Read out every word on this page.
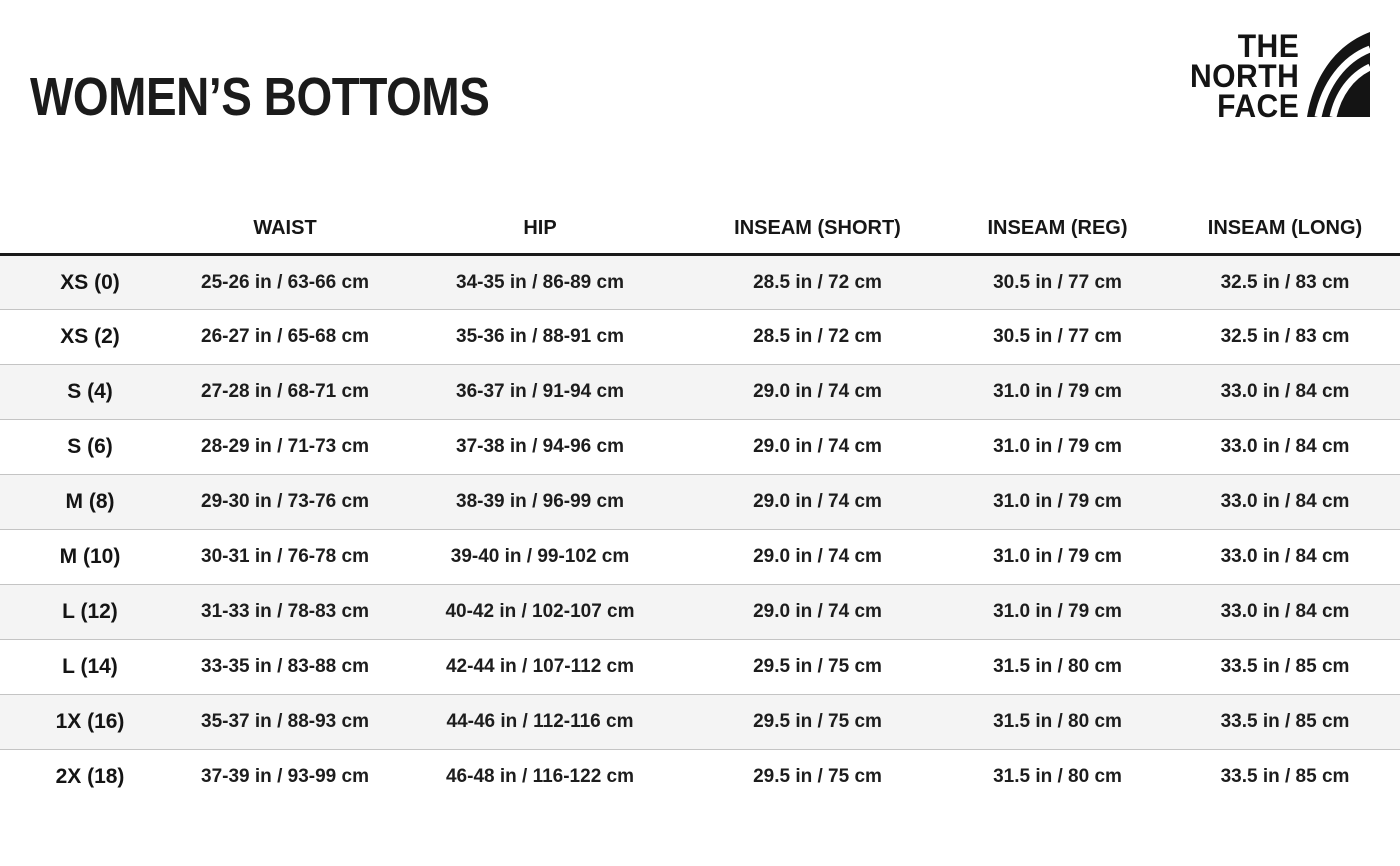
WOMEN’S BOTTOMS
THE
NORTH
FACE
	WAIST	HIP	INSEAM (SHORT)	INSEAM (REG)	INSEAM (LONG)
XS (0)	25-26 in / 63-66 cm	34-35 in / 86-89 cm	28.5 in / 72 cm	30.5 in / 77 cm	32.5 in / 83 cm
XS (2)	26-27 in / 65-68 cm	35-36 in / 88-91 cm	28.5 in / 72 cm	30.5 in / 77 cm	32.5 in / 83 cm
S (4)	27-28 in / 68-71 cm	36-37 in / 91-94 cm	29.0 in / 74 cm	31.0 in / 79 cm	33.0 in / 84 cm
S (6)	28-29 in / 71-73 cm	37-38 in / 94-96 cm	29.0 in / 74 cm	31.0 in / 79 cm	33.0 in / 84 cm
M (8)	29-30 in / 73-76 cm	38-39 in / 96-99 cm	29.0 in / 74 cm	31.0 in / 79 cm	33.0 in / 84 cm
M (10)	30-31 in / 76-78 cm	39-40 in / 99-102 cm	29.0 in / 74 cm	31.0 in / 79 cm	33.0 in / 84 cm
L (12)	31-33 in / 78-83 cm	40-42 in / 102-107 cm	29.0 in / 74 cm	31.0 in / 79 cm	33.0 in / 84 cm
L (14)	33-35 in / 83-88 cm	42-44 in / 107-112 cm	29.5 in / 75 cm	31.5 in / 80 cm	33.5 in / 85 cm
1X (16)	35-37 in / 88-93 cm	44-46 in / 112-116 cm	29.5 in / 75 cm	31.5 in / 80 cm	33.5 in / 85 cm
2X (18)	37-39 in / 93-99 cm	46-48 in / 116-122 cm	29.5 in / 75 cm	31.5 in / 80 cm	33.5 in / 85 cm
